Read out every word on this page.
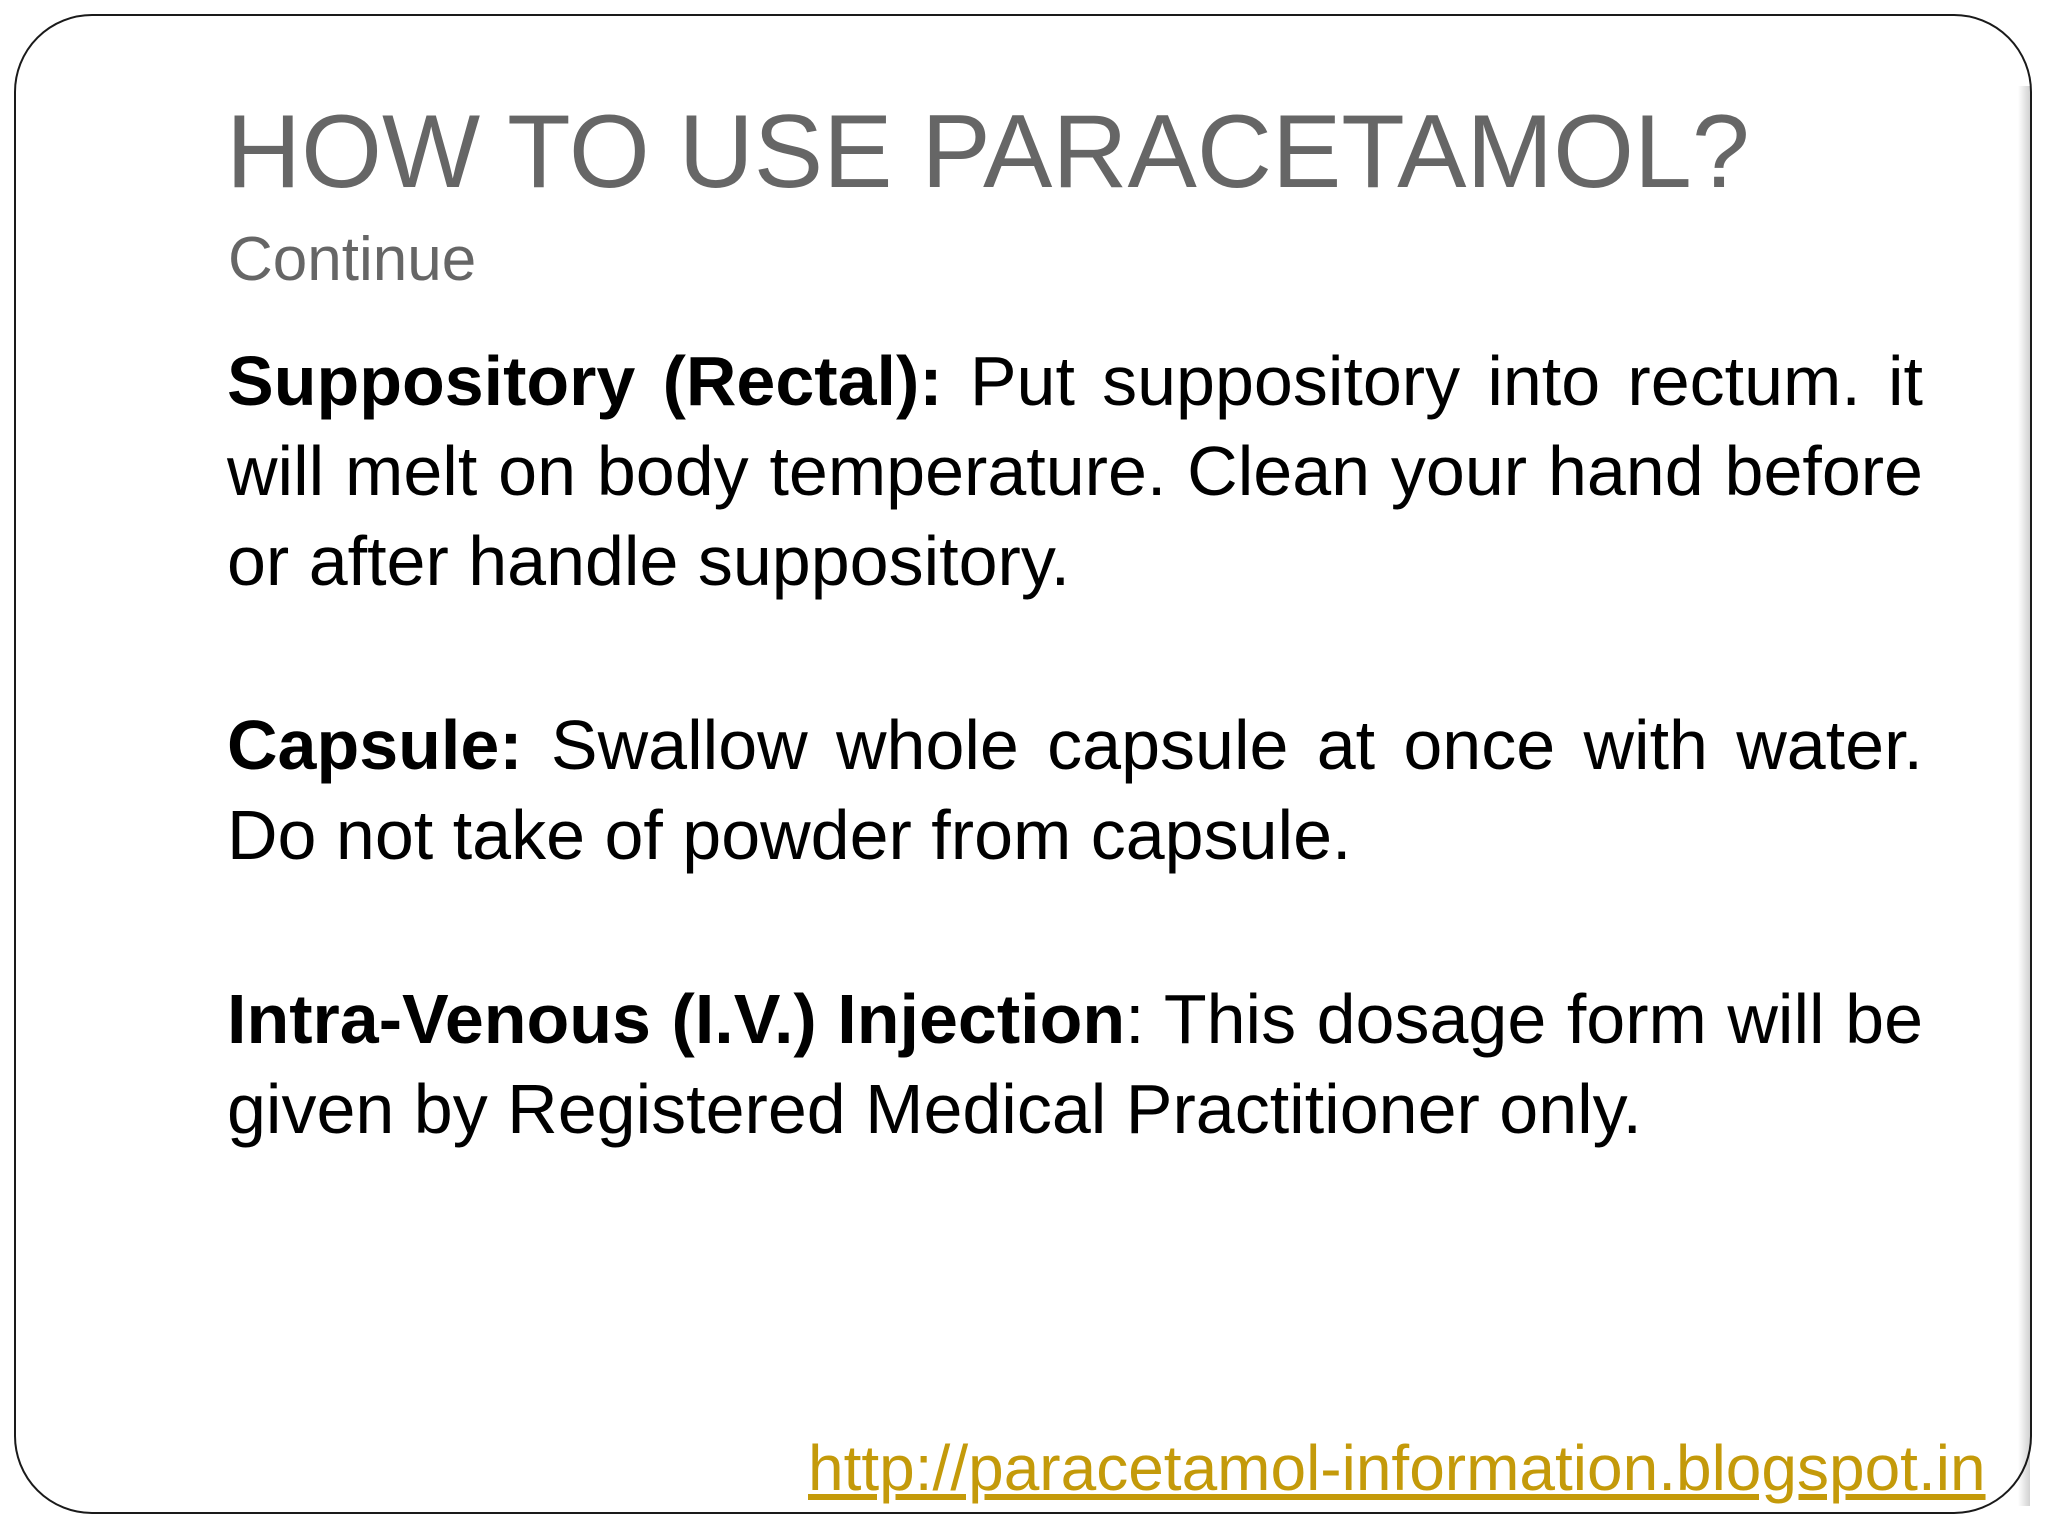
HOW TO USE PARACETAMOL?
Continue

Suppository (Rectal): Put suppository into rectum. it will melt on body temperature. Clean your hand before or after handle suppository.

Capsule: Swallow whole capsule at once with water. Do not take of powder from capsule.

Intra-Venous (I.V.) Injection: This dosage form will be given by Registered Medical Practitioner only.

http://paracetamol-information.blogspot.in
